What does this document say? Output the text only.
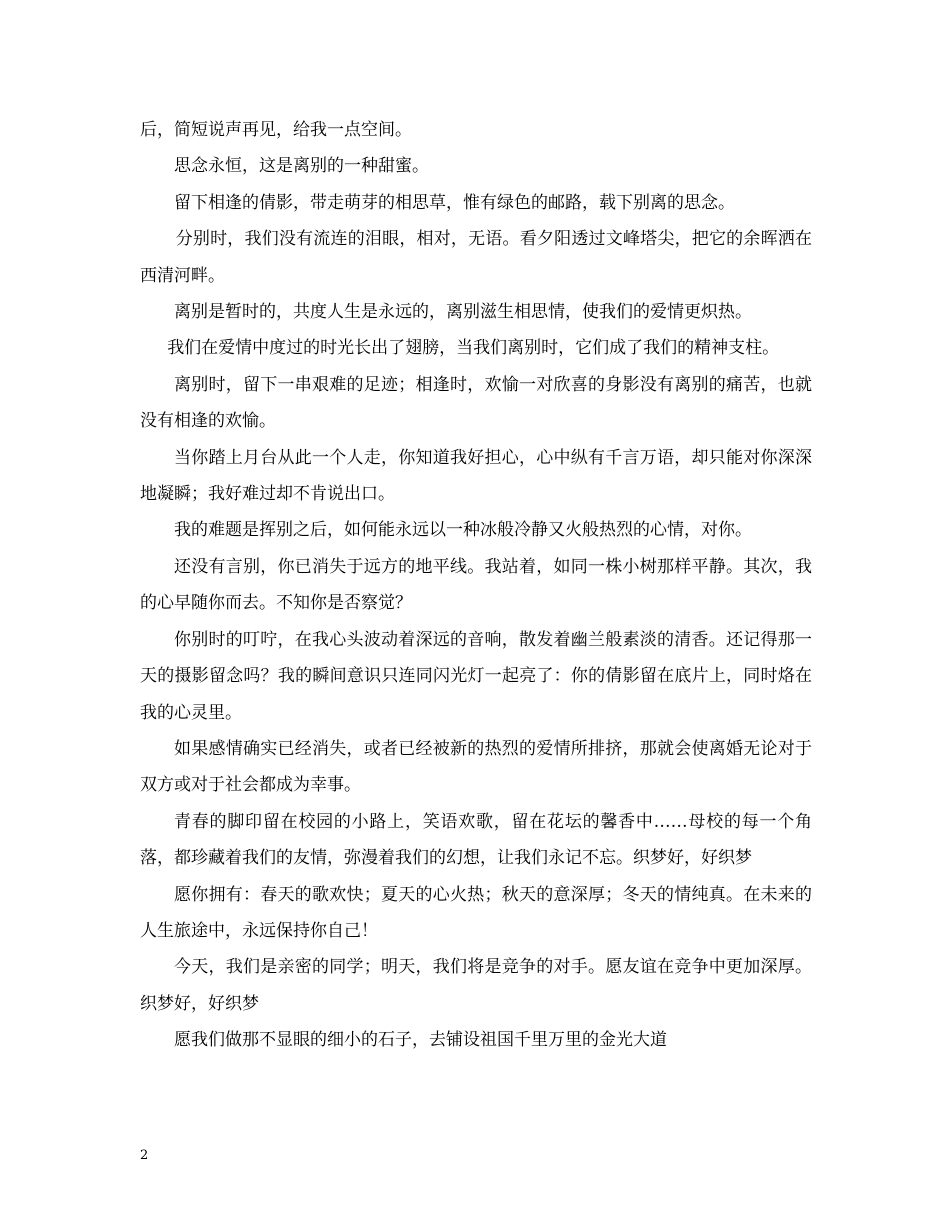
后，简短说声再见，给我一点空间。

思念永恒，这是离别的一种甜蜜。

留下相逢的倩影，带走萌芽的相思草，惟有绿色的邮路，载下别离的思念。

分别时，我们没有流连的泪眼，相对，无语。看夕阳透过文峰塔尖，把它的余晖洒在西清河畔。

离别是暂时的，共度人生是永远的，离别滋生相思情，使我们的爱情更炽热。

我们在爱情中度过的时光长出了翅膀，当我们离别时，它们成了我们的精神支柱。

离别时，留下一串艰难的足迹；相逢时，欢愉一对欣喜的身影没有离别的痛苦，也就没有相逢的欢愉。

当你踏上月台从此一个人走，你知道我好担心，心中纵有千言万语，却只能对你深深地凝瞬；我好难过却不肯说出口。

我的难题是挥别之后，如何能永远以一种冰般冷静又火般热烈的心情，对你。

还没有言别，你已消失于远方的地平线。我站着，如同一株小树那样平静。其次，我的心早随你而去。不知你是否察觉？

你别时的叮咛，在我心头波动着深远的音响，散发着幽兰般素淡的清香。还记得那一天的摄影留念吗？我的瞬间意识只连同闪光灯一起亮了：你的倩影留在底片上，同时烙在我的心灵里。

如果感情确实已经消失，或者已经被新的热烈的爱情所排挤，那就会使离婚无论对于双方或对于社会都成为幸事。

青春的脚印留在校园的小路上，笑语欢歌，留在花坛的馨香中……母校的每一个角落，都珍藏着我们的友情，弥漫着我们的幻想，让我们永记不忘。织梦好，好织梦

愿你拥有：春天的歌欢快；夏天的心火热；秋天的意深厚；冬天的情纯真。在未来的人生旅途中，永远保持你自己！

今天，我们是亲密的同学；明天，我们将是竞争的对手。愿友谊在竞争中更加深厚。 织梦好，好织梦

愿我们做那不显眼的细小的石子，去铺设祖国千里万里的金光大道

2
